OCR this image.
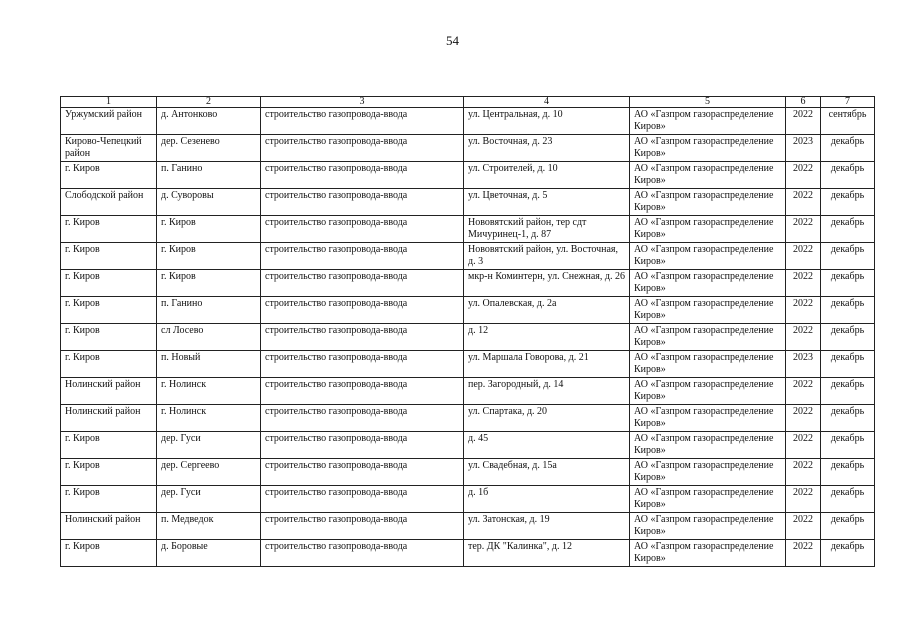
54
1	2	3	4	5	6	7
Уржумский район	д. Антонково	строительство газопровода-ввода	ул. Центральная, д. 10	АО «Газпром газораспределение Киров»	2022	сентябрь
Кирово-Чепецкий район	дер. Сезенево	строительство газопровода-ввода	ул. Восточная, д. 23	АО «Газпром газораспределение Киров»	2023	декабрь
г. Киров	п. Ганино	строительство газопровода-ввода	ул. Строителей, д. 10	АО «Газпром газораспределение Киров»	2022	декабрь
Слободской район	д. Суворовы	строительство газопровода-ввода	ул. Цветочная, д. 5	АО «Газпром газораспределение Киров»	2022	декабрь
г. Киров	г. Киров	строительство газопровода-ввода	Нововятский район, тер сдт Мичуринец-1, д. 87	АО «Газпром газораспределение Киров»	2022	декабрь
г. Киров	г. Киров	строительство газопровода-ввода	Нововятский район, ул. Восточная, д. 3	АО «Газпром газораспределение Киров»	2022	декабрь
г. Киров	г. Киров	строительство газопровода-ввода	мкр-н Коминтерн, ул. Снежная, д. 26	АО «Газпром газораспределение Киров»	2022	декабрь
г. Киров	п. Ганино	строительство газопровода-ввода	ул. Опалевская, д. 2а	АО «Газпром газораспределение Киров»	2022	декабрь
г. Киров	сл Лосево	строительство газопровода-ввода	д. 12	АО «Газпром газораспределение Киров»	2022	декабрь
г. Киров	п. Новый	строительство газопровода-ввода	ул. Маршала Говорова, д. 21	АО «Газпром газораспределение Киров»	2023	декабрь
Нолинский район	г. Нолинск	строительство газопровода-ввода	пер. Загородный, д. 14	АО «Газпром газораспределение Киров»	2022	декабрь
Нолинский район	г. Нолинск	строительство газопровода-ввода	ул. Спартака, д. 20	АО «Газпром газораспределение Киров»	2022	декабрь
г. Киров	дер. Гуси	строительство газопровода-ввода	д. 45	АО «Газпром газораспределение Киров»	2022	декабрь
г. Киров	дер. Сергеево	строительство газопровода-ввода	ул. Свадебная, д. 15а	АО «Газпром газораспределение Киров»	2022	декабрь
г. Киров	дер. Гуси	строительство газопровода-ввода	д. 1б	АО «Газпром газораспределение Киров»	2022	декабрь
Нолинский район	п. Медведок	строительство газопровода-ввода	ул. Затонская, д. 19	АО «Газпром газораспределение Киров»	2022	декабрь
г. Киров	д. Боровые	строительство газопровода-ввода	тер. ДК "Калинка", д. 12	АО «Газпром газораспределение Киров»	2022	декабрь
